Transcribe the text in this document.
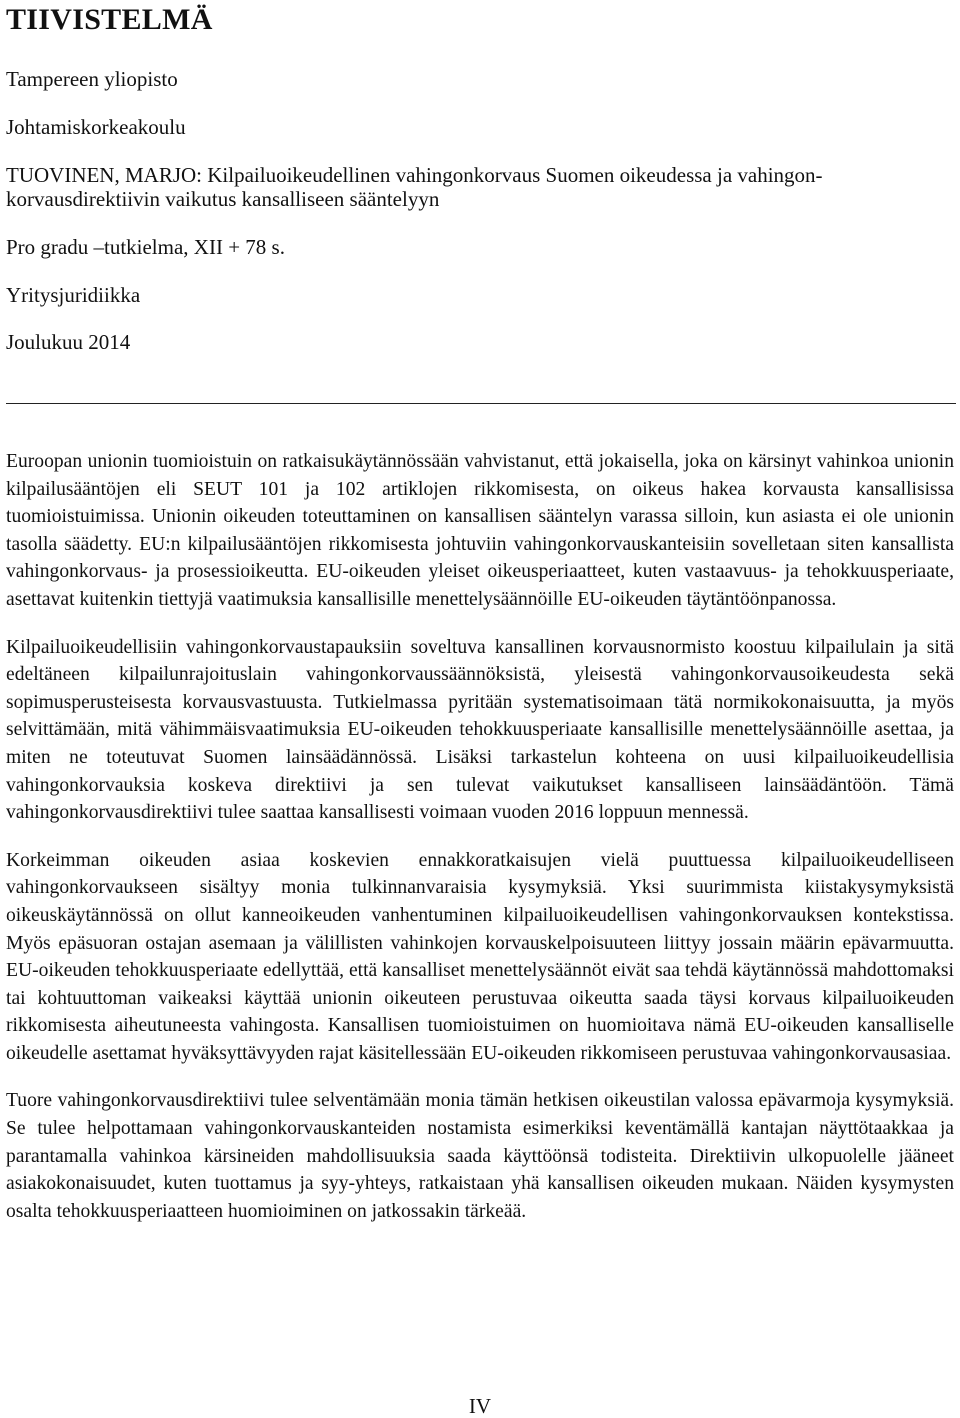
TIIVISTELMÄ

Tampereen yliopisto

Johtamiskorkeakoulu

TUOVINEN, MARJO: Kilpailuoikeudellinen vahingonkorvaus Suomen oikeudessa ja vahingon-

korvausdirektiivin vaikutus kansalliseen sääntelyyn

Pro gradu –tutkielma, XII + 78 s.

Yritysjuridiikka

Joulukuu 2014

Euroopan unionin tuomioistuin on ratkaisukäytännössään vahvistanut, että jokaisella, joka on kärsinyt vahinkoa unionin kilpailusääntöjen eli SEUT 101 ja 102 artiklojen rikkomisesta, on oikeus hakea korvausta kansallisissa tuomioistuimissa. Unionin oikeuden toteuttaminen on kansallisen sääntelyn varassa silloin, kun asiasta ei ole unionin tasolla säädetty. EU:n kilpailusääntöjen rikkomisesta johtuviin vahingonkorvauskanteisiin sovelletaan siten kansallista vahingonkorvaus- ja prosessioikeutta. EU-oikeuden yleiset oikeusperiaatteet, kuten vastaavuus- ja tehokkuusperiaate, asettavat kuitenkin tiettyjä vaatimuksia kansallisille menettelysäännöille EU-oikeuden täytäntöönpanossa.

Kilpailuoikeudellisiin vahingonkorvaustapauksiin soveltuva kansallinen korvausnormisto koostuu kilpailulain ja sitä edeltäneen kilpailunrajoituslain vahingonkorvaussäännöksistä, yleisestä vahingonkorvausoikeudesta sekä sopimusperusteisesta korvausvastuusta. Tutkielmassa pyritään systematisoimaan tätä normikokonaisuutta, ja myös selvittämään, mitä vähimmäisvaatimuksia EU-oikeuden tehokkuusperiaate kansallisille menettelysäännöille asettaa, ja miten ne toteutuvat Suomen lainsäädännössä. Lisäksi tarkastelun kohteena on uusi kilpailuoikeudellisia vahingonkorvauksia koskeva direktiivi ja sen tulevat vaikutukset kansalliseen lainsäädäntöön. Tämä vahingonkorvausdirektiivi tulee saattaa kansallisesti voimaan vuoden 2016 loppuun mennessä.

Korkeimman oikeuden asiaa koskevien ennakkoratkaisujen vielä puuttuessa kilpailuoikeudelliseen vahingonkorvaukseen sisältyy monia tulkinnanvaraisia kysymyksiä. Yksi suurimmista kiistakysymyksistä oikeuskäytännössä on ollut kanneoikeuden vanhentuminen kilpailuoikeudellisen vahingonkorvauksen kontekstissa. Myös epäsuoran ostajan asemaan ja välillisten vahinkojen korvauskelpoisuuteen liittyy jossain määrin epävarmuutta. EU-oikeuden tehokkuusperiaate edellyttää, että kansalliset menettelysäännöt eivät saa tehdä käytännössä mahdottomaksi tai kohtuuttoman vaikeaksi käyttää unionin oikeuteen perustuvaa oikeutta saada täysi korvaus kilpailuoikeuden rikkomisesta aiheutuneesta vahingosta. Kansallisen tuomioistuimen on huomioitava nämä EU-oikeuden kansalliselle oikeudelle asettamat hyväksyttävyyden rajat käsitellessään EU-oikeuden rikkomiseen perustuvaa vahingonkorvausasiaa.

Tuore vahingonkorvausdirektiivi tulee selventämään monia tämän hetkisen oikeustilan valossa epävarmoja kysymyksiä. Se tulee helpottamaan vahingonkorvauskanteiden nostamista esimerkiksi keventämällä kantajan näyttötaakkaa ja parantamalla vahinkoa kärsineiden mahdollisuuksia saada käyttöönsä todisteita. Direktiivin ulkopuolelle jääneet asiakokonaisuudet, kuten tuottamus ja syy-yhteys, ratkaistaan yhä kansallisen oikeuden mukaan. Näiden kysymysten osalta tehokkuusperiaatteen huomioiminen on jatkossakin tärkeää.

IV
